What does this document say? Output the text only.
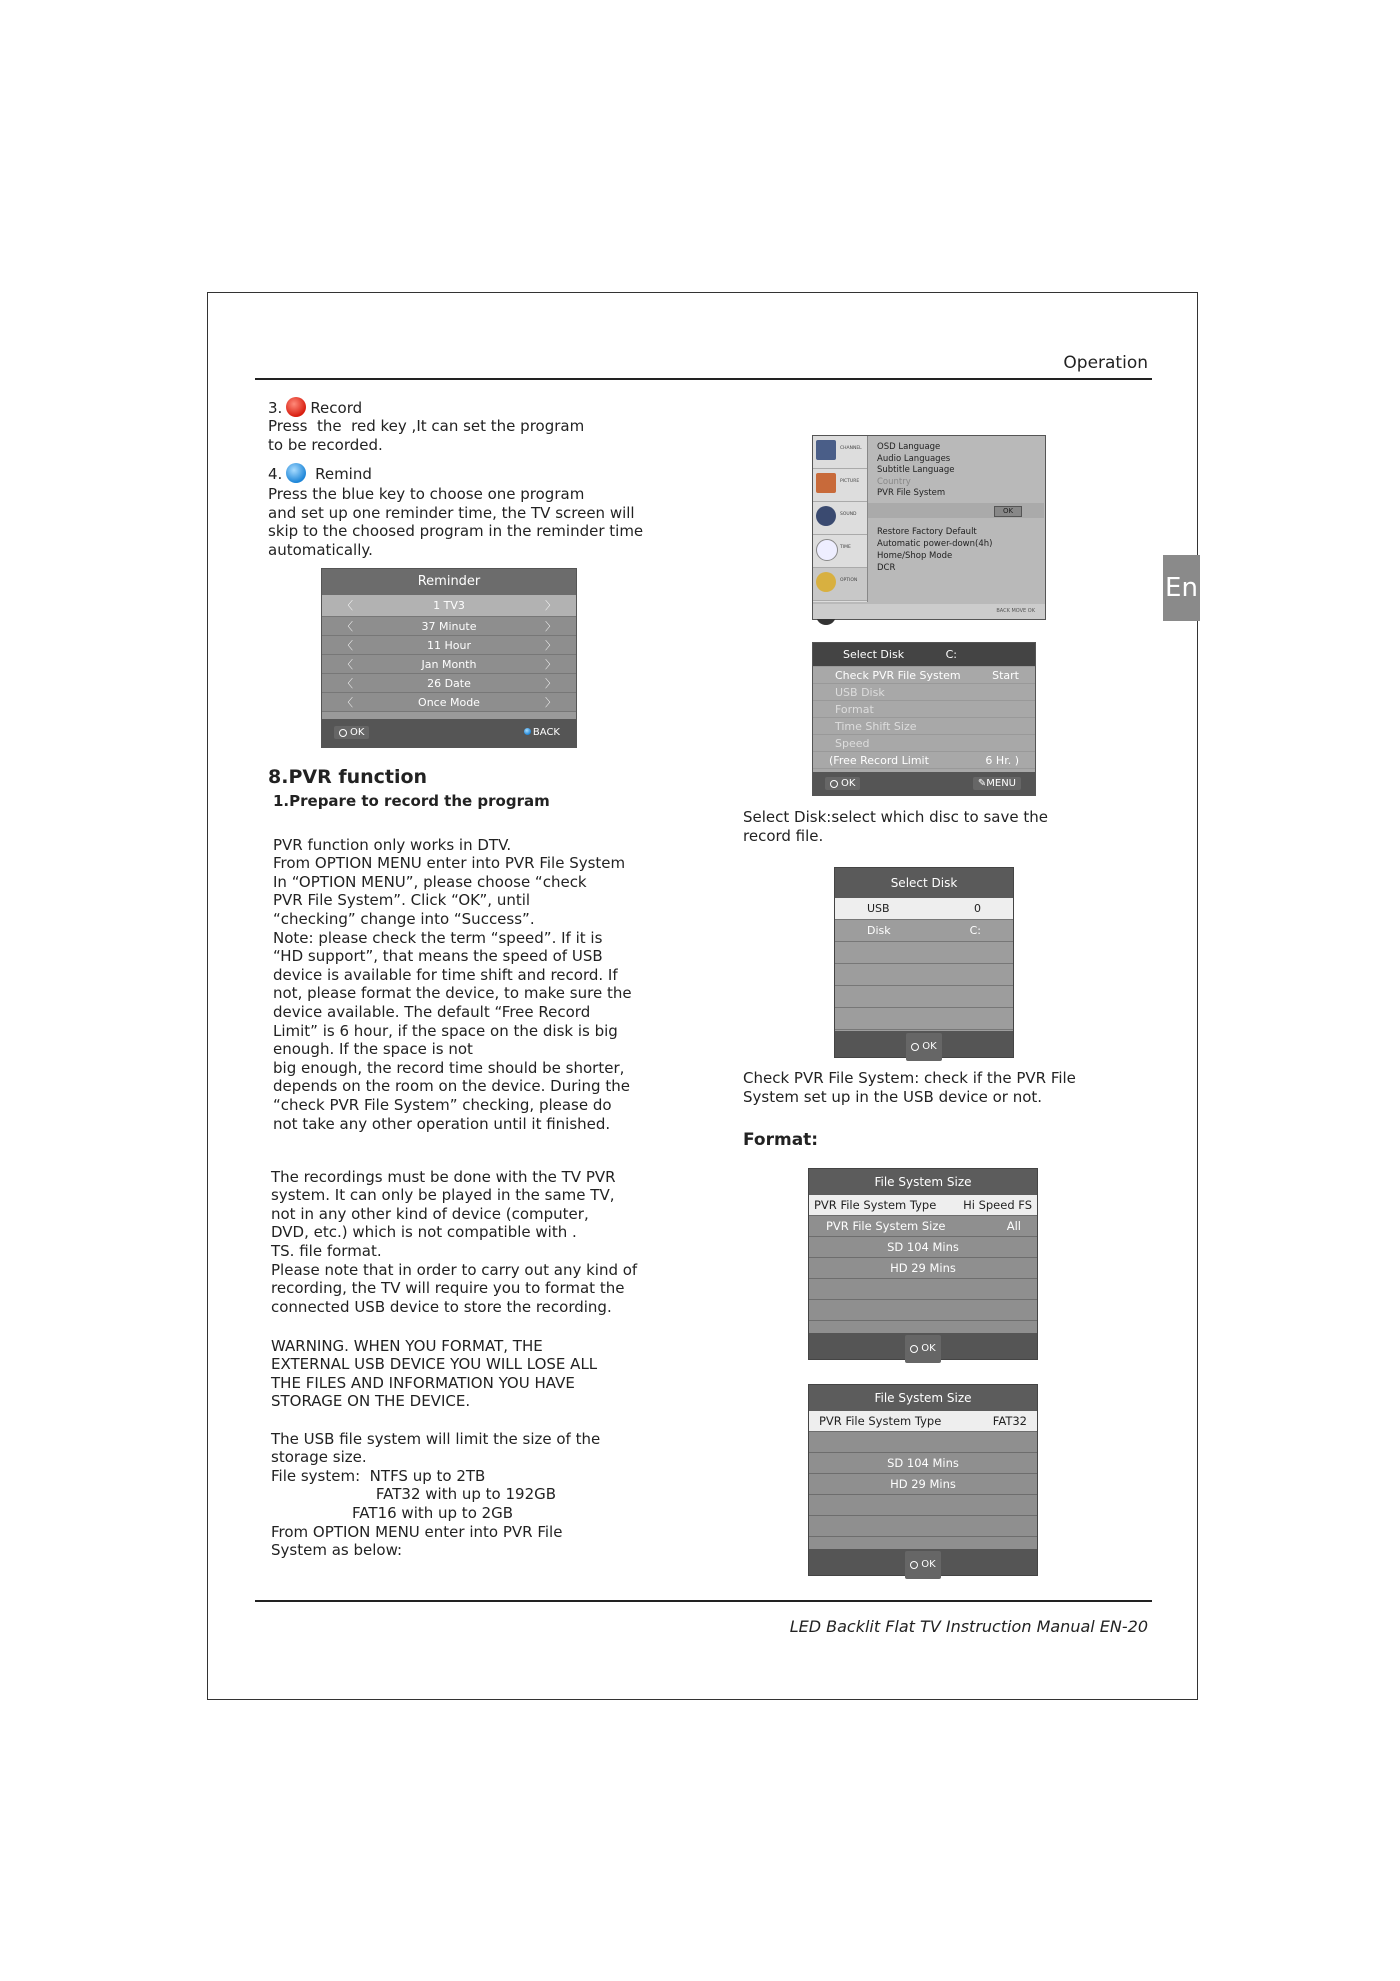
Operation
En
3. Record
Press  the  red key ,It can set the program
to be recorded.
4. Remind
Press the blue key to choose one program
and set up one reminder time, the TV screen will
skip to the choosed program in the reminder time
automatically.
Reminder
〈	1 TV3	〉
〈	37 Minute	〉
〈	11 Hour	〉
〈	Jan Month	〉
〈	26 Date	〉
〈	Once Mode	〉
OK	BACK
8.PVR function
1.Prepare to record the program

PVR function only works in DTV.
From OPTION MENU enter into PVR File System
In “OPTION MENU”, please choose “check
PVR File System”. Click “OK”, until
“checking” change into “Success”.
Note: please check the term “speed”. If it is
“HD support”, that means the speed of USB
device is available for time shift and record. If
not, please format the device, to make sure the
device available. The default “Free Record
Limit” is 6 hour, if the space on the disk is big
enough. If the space is not
big enough, the record time should be shorter,
depends on the room on the device. During the
“check PVR File System” checking, please do
not take any other operation until it finished.

The recordings must be done with the TV PVR
system. It can only be played in the same TV,
not in any other kind of device (computer,
DVD, etc.) which is not compatible with .
TS. file format.
Please note that in order to carry out any kind of
recording, the TV will require you to format the
connected USB device to store the recording.

WARNING. WHEN YOU FORMAT, THE
EXTERNAL USB DEVICE YOU WILL LOSE ALL
THE FILES AND INFORMATION YOU HAVE
STORAGE ON THE DEVICE.

The USB file system will limit the size of the
storage size.
File system:  NTFS up to 2TB
FAT32 with up to 192GB
FAT16 with up to 2GB
From OPTION MENU enter into PVR File
System as below:

CHANNEL
PICTURE
SOUND
TIME
OPTION
OSD Language
Audio Languages
Subtitle Language
Country
PVR File System
OK
Restore Factory Default
Automatic power-down(4h)
Home/Shop Mode
DCR
BACK MOVE OK
Select Disk	C:
Check PVR File System	Start
USB Disk
Format
Time Shift Size
Speed
(Free Record Limit	6 Hr. )
OK	✎MENU
Select Disk:select which disc to save the
record file.
Select Disk
USB	0
Disk	C:
OK
Check PVR File System: check if the PVR File
System set up in the USB device or not.
Format:
File System Size
PVR File System Type Hi Speed FS
PVR File System Size	All
SD 104 Mins
HD 29 Mins
OK
File System Size
PVR File System Type	FAT32
SD 104 Mins
HD 29 Mins
OK
LED Backlit Flat TV Instruction Manual EN-20
